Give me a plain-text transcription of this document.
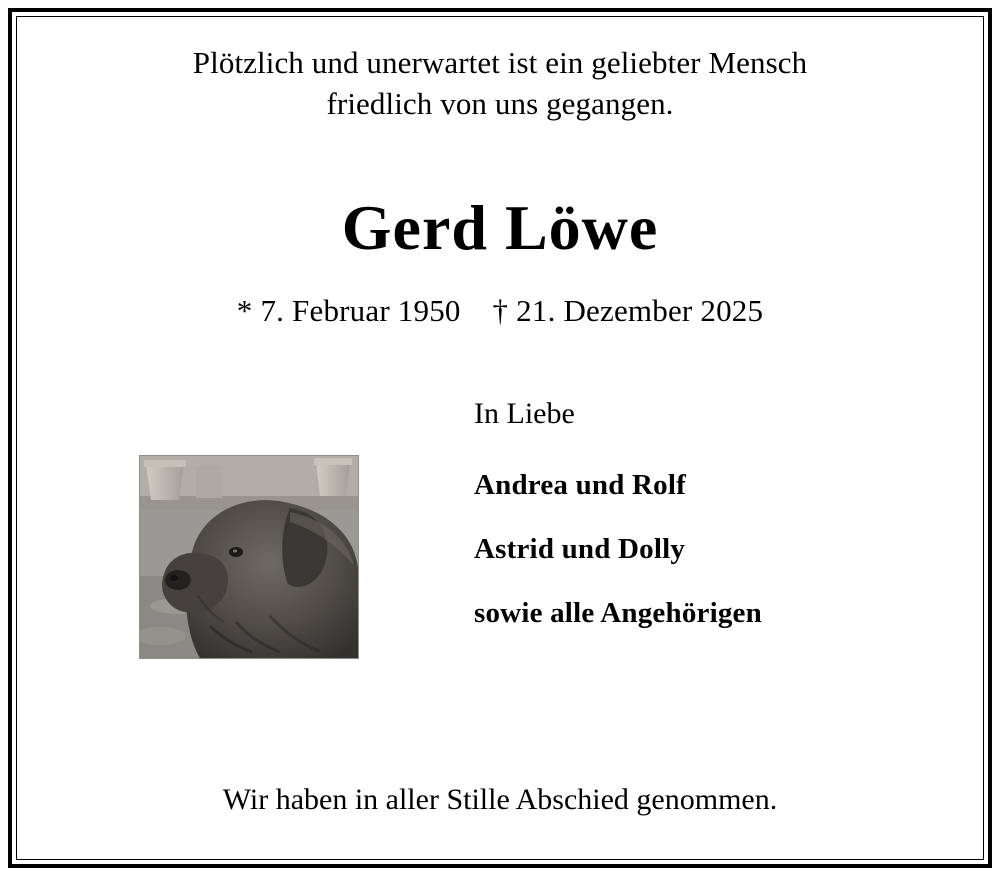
Plötzlich und unerwartet ist ein geliebter Mensch
friedlich von uns gegangen.
Gerd Löwe
* 7. Februar 1950 † 21. Dezember 2025
In Liebe
Andrea und Rolf
Astrid und Dolly
sowie alle Angehörigen
Wir haben in aller Stille Abschied genommen.
